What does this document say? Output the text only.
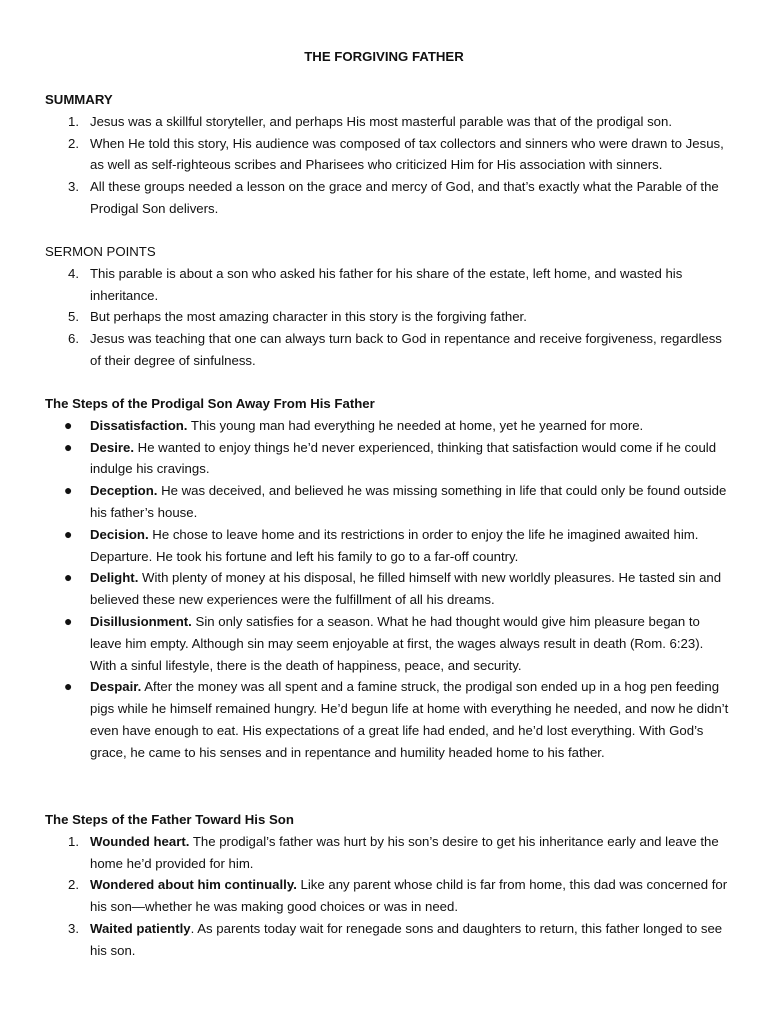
THE FORGIVING FATHER
SUMMARY
1. Jesus was a skillful storyteller, and perhaps His most masterful parable was that of the prodigal son.
2. When He told this story, His audience was composed of tax collectors and sinners who were drawn to Jesus, as well as self-righteous scribes and Pharisees who criticized Him for His association with sinners.
3. All these groups needed a lesson on the grace and mercy of God, and that’s exactly what the Parable of the Prodigal Son delivers.
SERMON POINTS
4. This parable is about a son who asked his father for his share of the estate, left home, and wasted his inheritance.
5. But perhaps the most amazing character in this story is the forgiving father.
6. Jesus was teaching that one can always turn back to God in repentance and receive forgiveness, regardless of their degree of sinfulness.
The Steps of the Prodigal Son Away From His Father
● Dissatisfaction. This young man had everything he needed at home, yet he yearned for more.
● Desire. He wanted to enjoy things he’d never experienced, thinking that satisfaction would come if he could indulge his cravings.
● Deception. He was deceived, and believed he was missing something in life that could only be found outside his father’s house.
● Decision. He chose to leave home and its restrictions in order to enjoy the life he imagined awaited him. Departure. He took his fortune and left his family to go to a far-off country.
● Delight. With plenty of money at his disposal, he filled himself with new worldly pleasures. He tasted sin and believed these new experiences were the fulfillment of all his dreams.
● Disillusionment. Sin only satisfies for a season. What he had thought would give him pleasure began to leave him empty. Although sin may seem enjoyable at first, the wages always result in death (Rom. 6:23). With a sinful lifestyle, there is the death of happiness, peace, and security.
● Despair. After the money was all spent and a famine struck, the prodigal son ended up in a hog pen feeding pigs while he himself remained hungry. He’d begun life at home with everything he needed, and now he didn’t even have enough to eat. His expectations of a great life had ended, and he’d lost everything. With God’s grace, he came to his senses and in repentance and humility headed home to his father.
The Steps of the Father Toward His Son
1. Wounded heart. The prodigal’s father was hurt by his son’s desire to get his inheritance early and leave the home he’d provided for him.
2. Wondered about him continually. Like any parent whose child is far from home, this dad was concerned for his son—whether he was making good choices or was in need.
3. Waited patiently. As parents today wait for renegade sons and daughters to return, this father longed to see his son.
